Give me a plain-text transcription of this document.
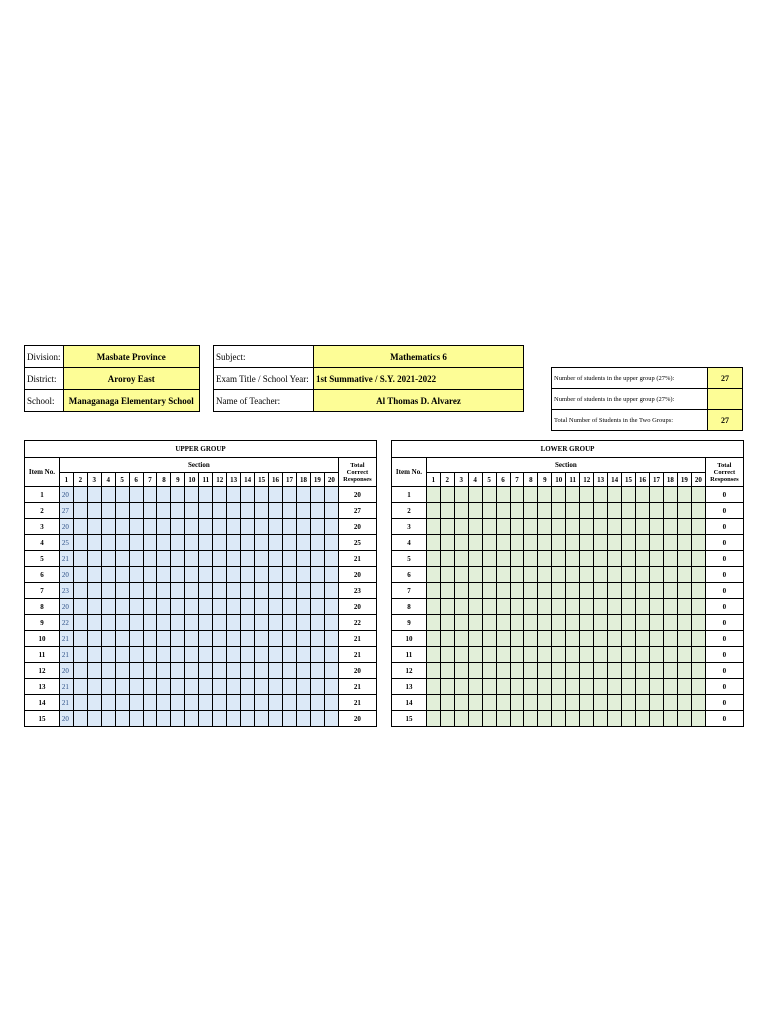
Division:	Masbate Province
District:	Aroroy East
School:	Managanaga Elementary School
Subject:	Mathematics 6
Exam Title / School Year:	1st Summative / S.Y. 2021-2022
Name of Teacher:	Al Thomas D. Alvarez
Number of students in the upper group (27%):	27
Number of students in the upper group (27%):	
Total Number of Students in the Two Groups:	27
UPPER GROUP																					
Item No.	Section																				Total Correct Responses
	1	2	3	4	5	6	7	8	9	10	11	12	13	14	15	16	17	18	19	20	
1	20																				20
2	27																				27
3	20																				20
4	25																				25
5	21																				21
6	20																				20
7	23																				23
8	20																				20
9	22																				22
10	21																				21
11	21																				21
12	20																				20
13	21																				21
14	21																				21
15	20																				20
LOWER GROUP																					
Item No.	Section																				Total Correct Responses
	1	2	3	4	5	6	7	8	9	10	11	12	13	14	15	16	17	18	19	20	
1																					0
2																					0
3																					0
4																					0
5																					0
6																					0
7																					0
8																					0
9																					0
10																					0
11																					0
12																					0
13																					0
14																					0
15																					0
